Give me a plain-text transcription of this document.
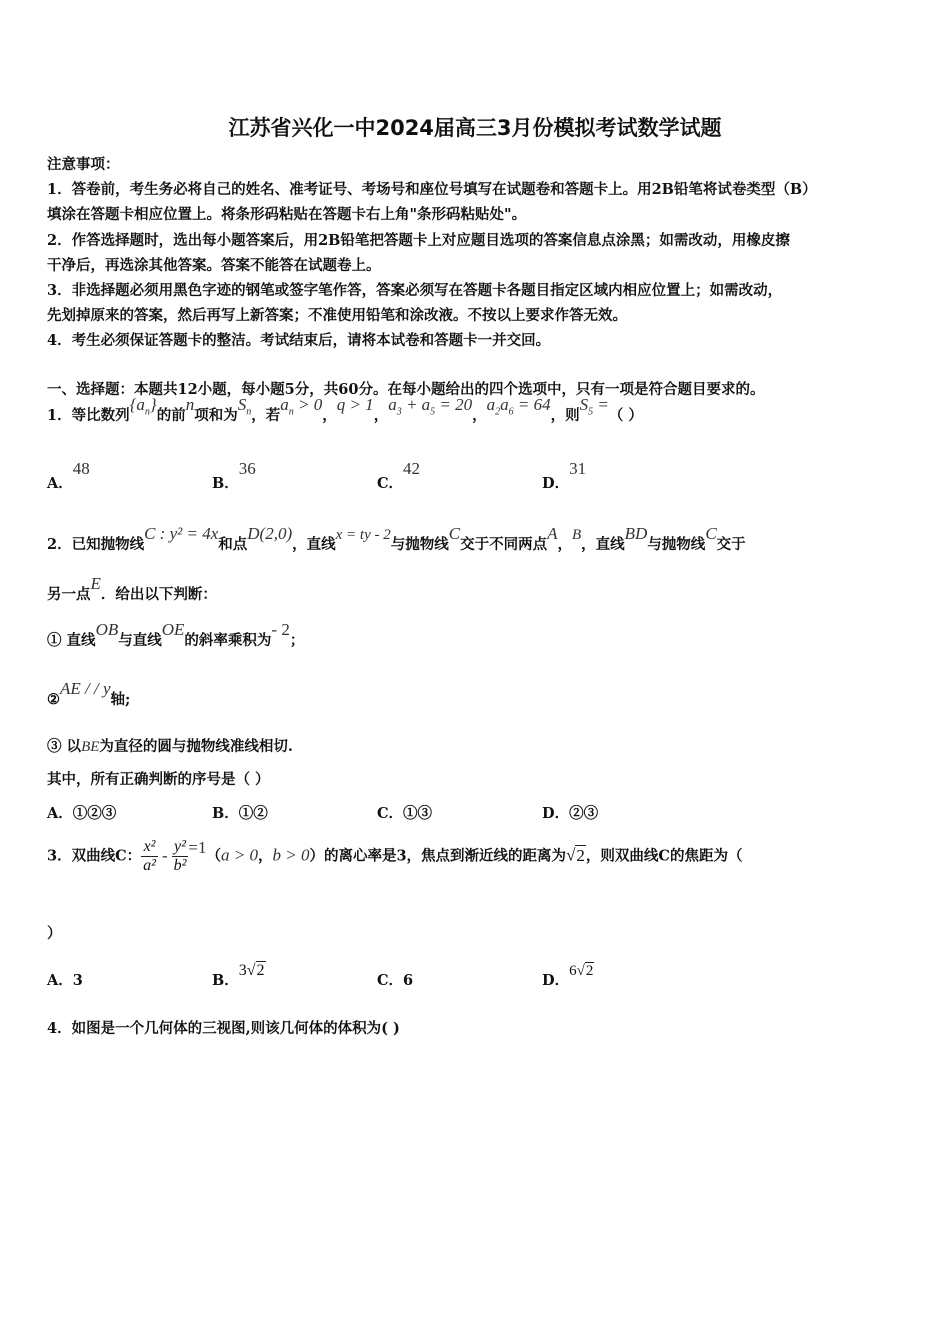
江苏省兴化一中2024届高三3月份模拟考试数学试题
注意事项：
1．答卷前，考生务必将自己的姓名、准考证号、考场号和座位号填写在试题卷和答题卡上。用2B铅笔将试卷类型（B）
填涂在答题卡相应位置上。将条形码粘贴在答题卡右上角"条形码粘贴处"。
2．作答选择题时，选出每小题答案后，用2B铅笔把答题卡上对应题目选项的答案信息点涂黑；如需改动，用橡皮擦
干净后，再选涂其他答案。答案不能答在试题卷上。
3．非选择题必须用黑色字迹的钢笔或签字笔作答，答案必须写在答题卡各题目指定区域内相应位置上；如需改动，
先划掉原来的答案，然后再写上新答案；不准使用铅笔和涂改液。不按以上要求作答无效。
4．考生必须保证答题卡的整洁。考试结束后，请将本试卷和答题卡一并交回。
一、选择题：本题共12小题，每小题5分，共60分。在每小题给出的四个选项中，只有一项是符合题目要求的。
1．等比数列$\{a_n\}$的前n项和为$S_n$，若$a_n > 0$，q > 1，$a_3 + a_5 = 20$，$a_2a_6 = 64$，则$S_5$ =（ ）
A．48
B．36
C．42
D．31
2．已知抛物线C : y² = 4x和点D(2,0)，直线x = ty - 2与抛物线C交于不同两点A，B，直线BD与抛物线C交于
另一点E．给出以下判断：
① 直线OB与直线OE的斜率乘积为- 2；
②AE / / y轴;
③ 以BE为直径的圆与抛物线准线相切.
其中，所有正确判断的序号是（ ）
A．①②③	B．①②	C．①③	D．②③
3．双曲线C： $\frac{\text{x²}}{\text{a²}} - \frac{\text{y²}}{\text{b²}} =1(a > 0$，b > 0）的离心率是3，焦点到渐近线的距离为√2，则双曲线C的焦距为（
）
A．3	B．3√2
C．6	D．6√2
4．如图是一个几何体的三视图,则该几何体的体积为( )
